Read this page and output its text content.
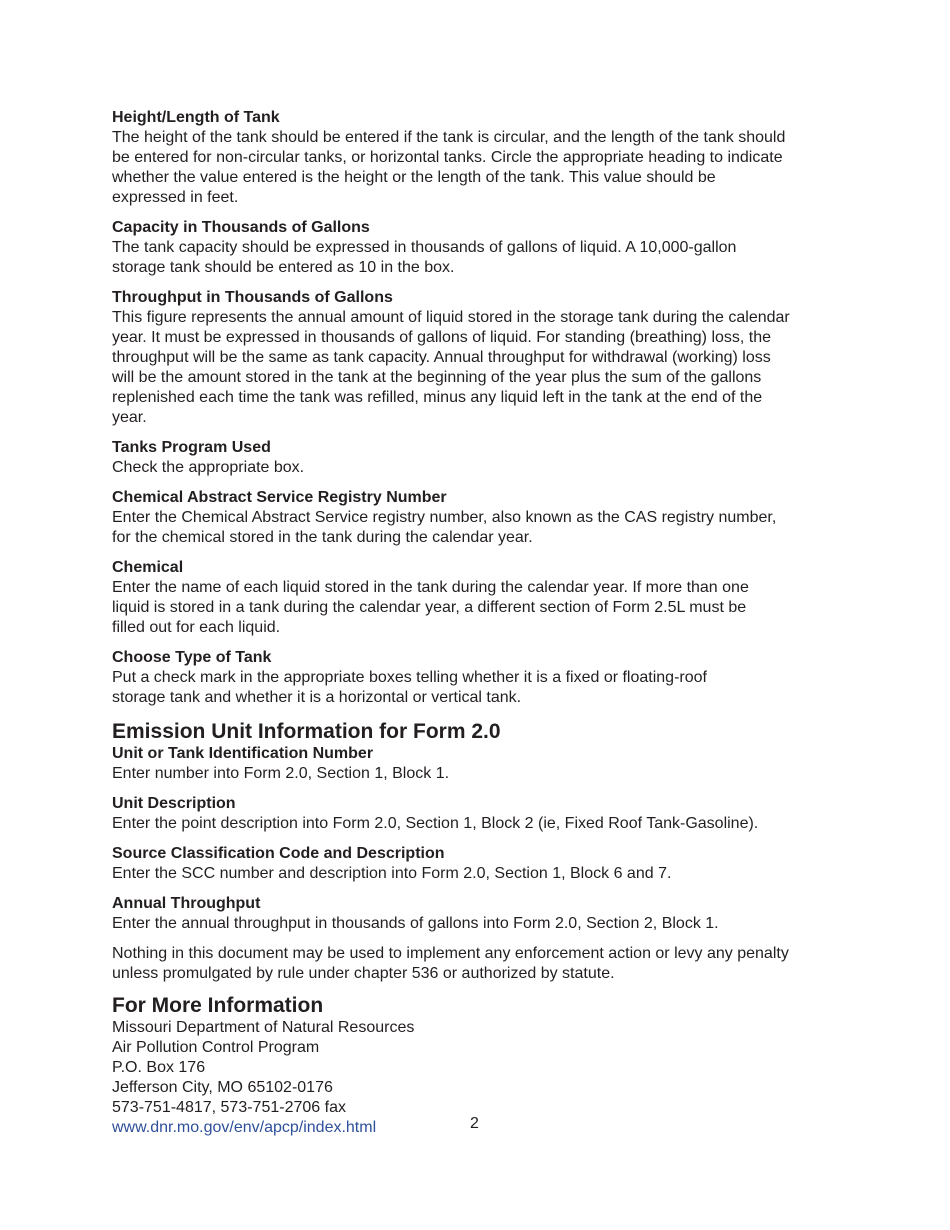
Height/Length of Tank

The height of the tank should be entered if the tank is circular, and the length of the tank should
be entered for non-circular tanks, or horizontal tanks. Circle the appropriate heading to indicate
whether the value entered is the height or the length of the tank. This value should be
expressed in feet.

Capacity in Thousands of Gallons

The tank capacity should be expressed in thousands of gallons of liquid. A 10,000-gallon
storage tank should be entered as 10 in the box.

Throughput in Thousands of Gallons

This figure represents the annual amount of liquid stored in the storage tank during the calendar
year. It must be expressed in thousands of gallons of liquid. For standing (breathing) loss, the
throughput will be the same as tank capacity. Annual throughput for withdrawal (working) loss
will be the amount stored in the tank at the beginning of the year plus the sum of the gallons
replenished each time the tank was refilled, minus any liquid left in the tank at the end of the
year.

Tanks Program Used

Check the appropriate box.

Chemical Abstract Service Registry Number

Enter the Chemical Abstract Service registry number, also known as the CAS registry number,
for the chemical stored in the tank during the calendar year.

Chemical

Enter the name of each liquid stored in the tank during the calendar year. If more than one
liquid is stored in a tank during the calendar year, a different section of Form 2.5L must be
filled out for each liquid.

Choose Type of Tank

Put a check mark in the appropriate boxes telling whether it is a fixed or floating-roof
storage tank and whether it is a horizontal or vertical tank.

Emission Unit Information for Form 2.0

Unit or Tank Identification Number

Enter number into Form 2.0, Section 1, Block 1.

Unit Description

Enter the point description into Form 2.0, Section 1, Block 2 (ie, Fixed Roof Tank-Gasoline).

Source Classification Code and Description

Enter the SCC number and description into Form 2.0, Section 1, Block 6 and 7.

Annual Throughput

Enter the annual throughput in thousands of gallons into Form 2.0, Section 2, Block 1.

Nothing in this document may be used to implement any enforcement action or levy any penalty
unless promulgated by rule under chapter 536 or authorized by statute.

For More Information

Missouri Department of Natural Resources

Air Pollution Control Program

P.O. Box 176

Jefferson City, MO 65102-0176

573-751-4817, 573-751-2706 fax

www.dnr.mo.gov/env/apcp/index.html	2
